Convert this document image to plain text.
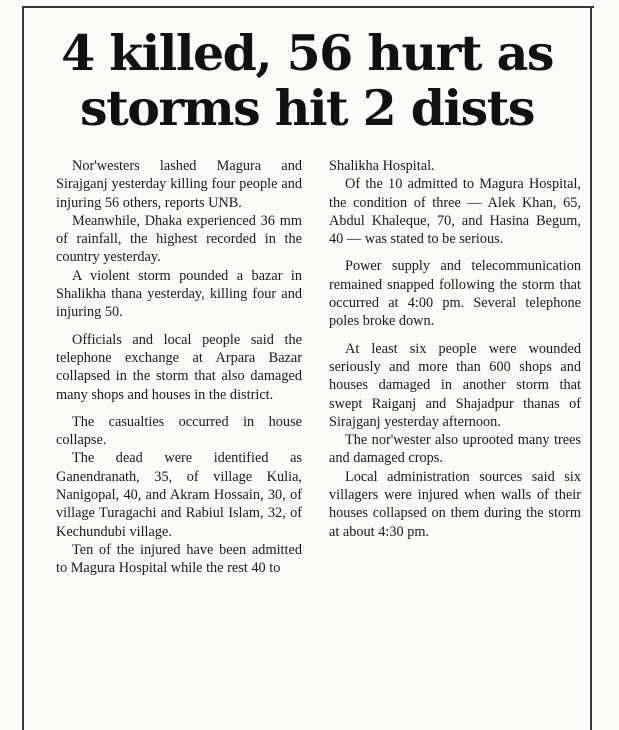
4 killed, 56 hurt as
storms hit 2 dists

Nor'westers lashed Magura and Sirajganj yesterday killing four people and injuring 56 others, reports UNB.

Meanwhile, Dhaka experienced 36 mm of rainfall, the highest recorded in the country yesterday.

A violent storm pounded a bazar in Shalikha thana yesterday, killing four and injuring 50.

Officials and local people said the telephone exchange at Arpara Bazar collapsed in the storm that also damaged many shops and houses in the district.

The casualties occurred in house collapse.

The dead were identified as Ganendranath, 35, of village Kulia, Nanigopal, 40, and Akram Hossain, 30, of village Turagachi and Rabiul Islam, 32, of Kechundubi village.

Ten of the injured have been admitted to Magura Hospital while the rest 40 to

Shalikha Hospital.

Of the 10 admitted to Magura Hospital, the condition of three — Alek Khan, 65, Abdul Khaleque, 70, and Hasina Begum, 40 — was stated to be serious.

Power supply and telecommunication remained snapped following the storm that occurred at 4:00 pm. Several telephone poles broke down.

At least six people were wounded seriously and more than 600 shops and houses damaged in another storm that swept Raiganj and Shajadpur thanas of Sirajganj yesterday afternoon.

The nor'wester also uprooted many trees and damaged crops.

Local administration sources said six villagers were injured when walls of their houses collapsed on them during the storm at about 4:30 pm.
